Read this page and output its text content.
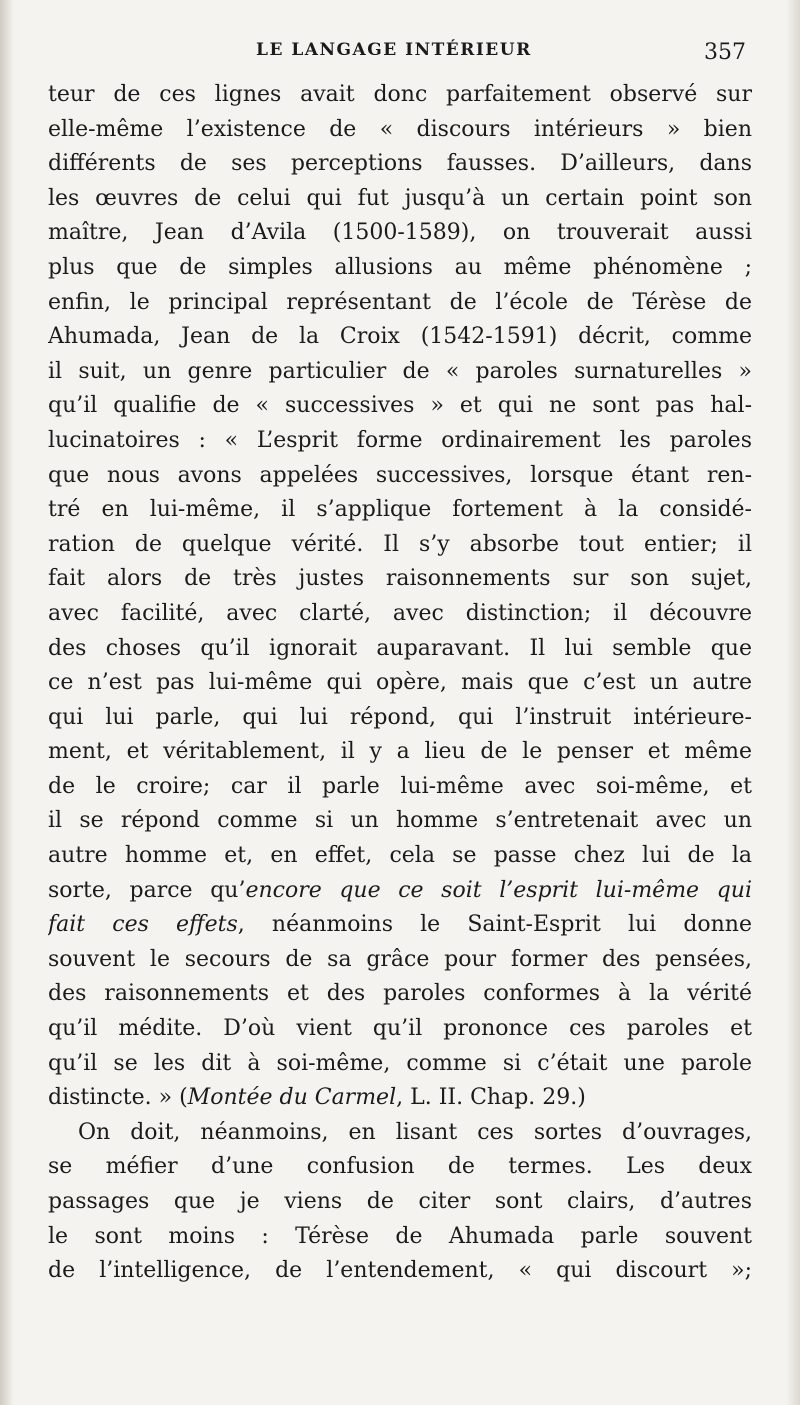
LE LANGAGE INTÉRIEUR	357
teur de ces lignes avait donc parfaitement observé sur
elle-même l’existence de « discours intérieurs » bien
différents de ses perceptions fausses. D’ailleurs, dans
les œuvres de celui qui fut jusqu’à un certain point son
maître, Jean d’Avila (1500-1589), on trouverait aussi
plus que de simples allusions au même phénomène ;
enfin, le principal représentant de l’école de Térèse de
Ahumada, Jean de la Croix (1542-1591) décrit, comme
il suit, un genre particulier de « paroles surnaturelles »
qu’il qualifie de « successives » et qui ne sont pas hal-
lucinatoires : « L’esprit forme ordinairement les paroles
que nous avons appelées successives, lorsque étant ren-
tré en lui-même, il s’applique fortement à la considé-
ration de quelque vérité. Il s’y absorbe tout entier; il
fait alors de très justes raisonnements sur son sujet,
avec facilité, avec clarté, avec distinction; il découvre
des choses qu’il ignorait auparavant. Il lui semble que
ce n’est pas lui-même qui opère, mais que c’est un autre
qui lui parle, qui lui répond, qui l’instruit intérieure-
ment, et véritablement, il y a lieu de le penser et même
de le croire; car il parle lui-même avec soi-même, et
il se répond comme si un homme s’entretenait avec un
autre homme et, en effet, cela se passe chez lui de la
sorte, parce qu’encore que ce soit l’esprit lui-même qui
fait ces effets, néanmoins le Saint-Esprit lui donne
souvent le secours de sa grâce pour former des pensées,
des raisonnements et des paroles conformes à la vérité
qu’il médite. D’où vient qu’il prononce ces paroles et
qu’il se les dit à soi-même, comme si c’était une parole
distincte. » (Montée du Carmel, L. II. Chap. 29.)
On doit, néanmoins, en lisant ces sortes d’ouvrages,
se méfier d’une confusion de termes. Les deux
passages que je viens de citer sont clairs, d’autres
le sont moins : Térèse de Ahumada parle souvent
de l’intelligence, de l’entendement, « qui discourt »;
